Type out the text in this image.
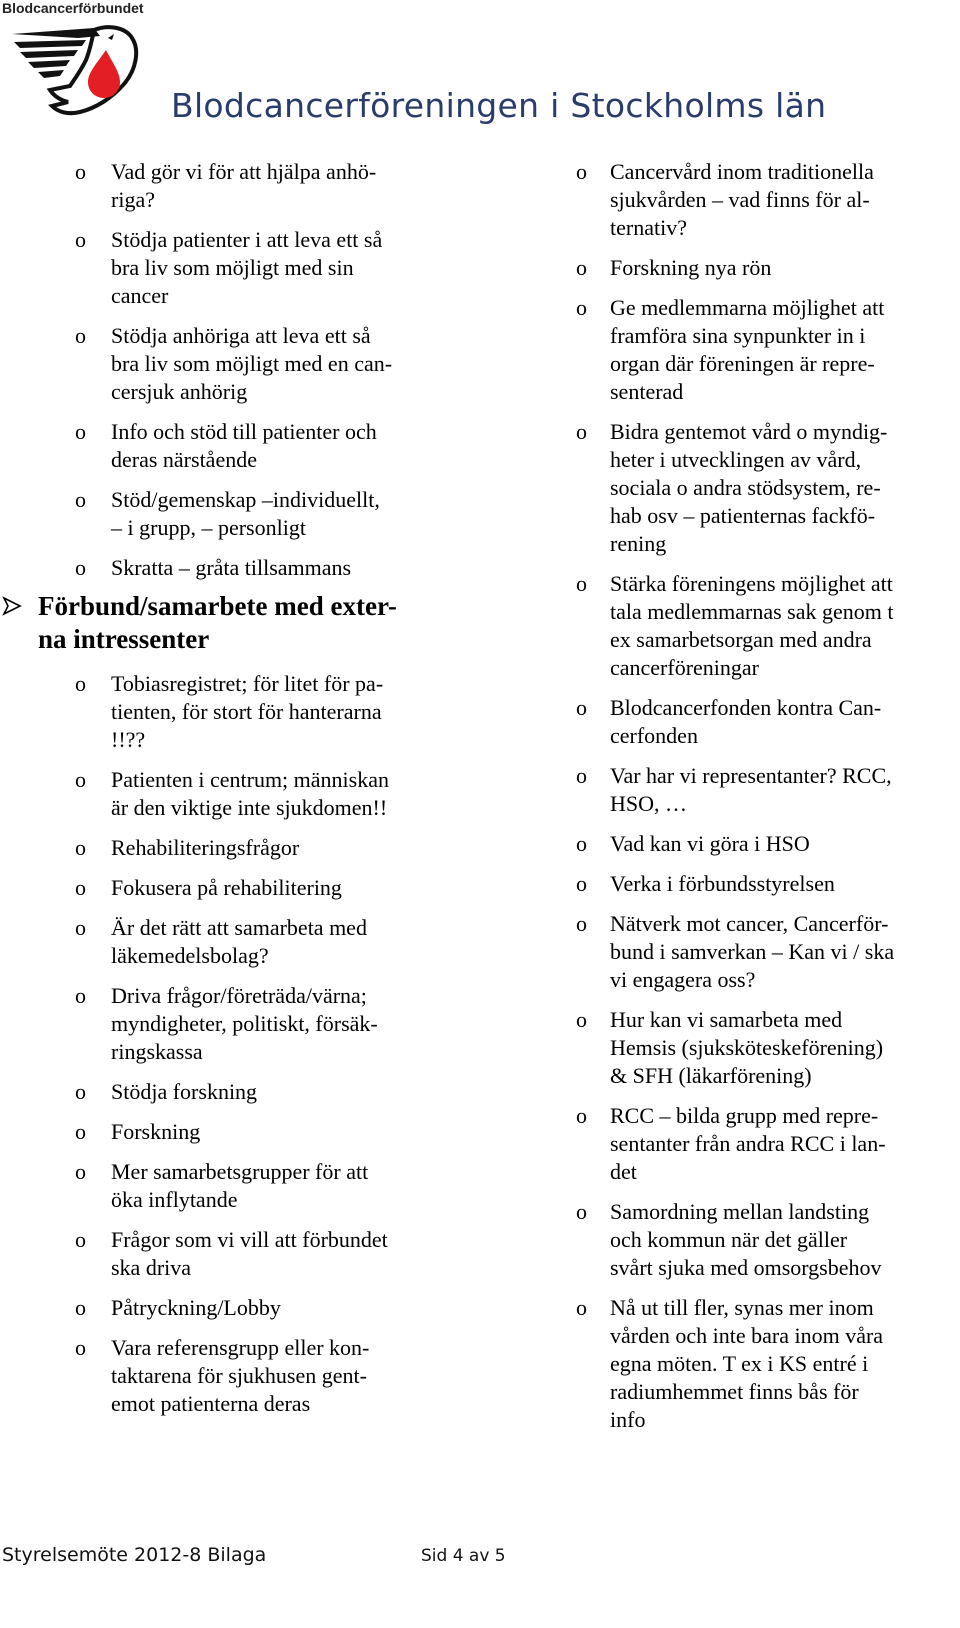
Blodcancerförbundet
Blodcancerföreningen i Stockholms län
o	Vad gör vi för att hjälpa anhö-
riga?
o	Stödja patienter i att leva ett så
bra liv som möjligt med sin
cancer
o	Stödja anhöriga att leva ett så
bra liv som möjligt med en can-
cersjuk anhörig
o	Info och stöd till patienter och
deras närstående
o	Stöd/gemenskap –individuellt,
– i grupp, – personligt
o	Skratta – gråta tillsammans
Förbund/samarbete med exter-
na intressenter
o	Tobiasregistret; för litet för pa-
tienten, för stort för hanterarna
!!??
o	Patienten i centrum; människan
är den viktige inte sjukdomen!!
o	Rehabiliteringsfrågor
o	Fokusera på rehabilitering
o	Är det rätt att samarbeta med
läkemedelsbolag?
o	Driva frågor/företräda/värna;
myndigheter, politiskt, försäk-
ringskassa
o	Stödja forskning
o	Forskning
o	Mer samarbetsgrupper för att
öka inflytande
o	Frågor som vi vill att förbundet
ska driva
o	Påtryckning/Lobby
o	Vara referensgrupp eller kon-
taktarena för sjukhusen gent-
emot patienterna deras
o	Cancervård inom traditionella
sjukvården – vad finns för al-
ternativ?
o	Forskning nya rön
o	Ge medlemmarna möjlighet att
framföra sina synpunkter in i
organ där föreningen är repre-
senterad
o	Bidra gentemot vård o myndig-
heter i utvecklingen av vård,
sociala o andra stödsystem, re-
hab osv – patienternas fackfö-
rening
o	Stärka föreningens möjlighet att
tala medlemmarnas sak genom t
ex samarbetsorgan med andra
cancerföreningar
o	Blodcancerfonden kontra Can-
cerfonden
o	Var har vi representanter? RCC,
HSO, …
o	Vad kan vi göra i HSO
o	Verka i förbundsstyrelsen
o	Nätverk mot cancer, Cancerför-
bund i samverkan – Kan vi / ska
vi engagera oss?
o	Hur kan vi samarbeta med
Hemsis (sjuksköteskeförening)
& SFH (läkarförening)
o	RCC – bilda grupp med repre-
sentanter från andra RCC i lan-
det
o	Samordning mellan landsting
och kommun när det gäller
svårt sjuka med omsorgsbehov
o	Nå ut till fler, synas mer inom
vården och inte bara inom våra
egna möten. T ex i KS entré i
radiumhemmet finns bås för
info
Styrelsemöte 2012-8 Bilaga	Sid 4 av 5
